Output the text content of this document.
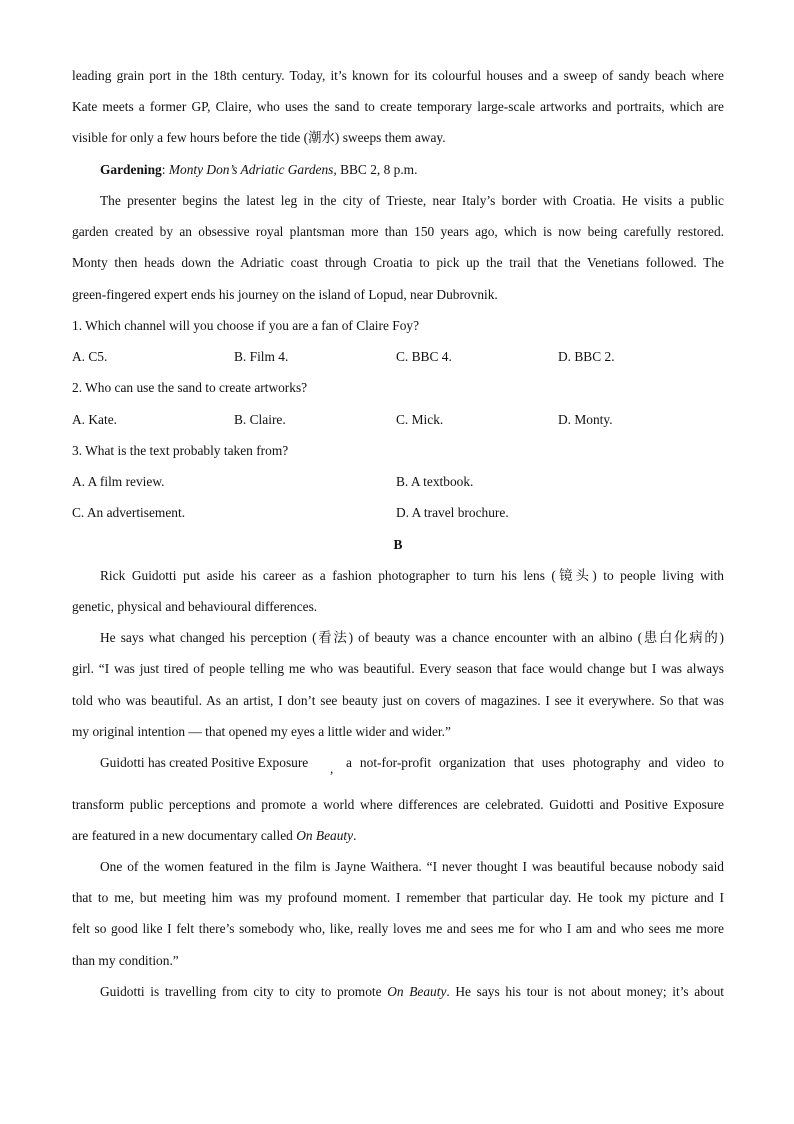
leading grain port in the 18th century. Today, it’s known for its colourful houses and a sweep of sandy beach where
Kate meets a former GP, Claire, who uses the sand to create temporary large-scale artworks and portraits, which are
visible for only a few hours before the tide (潮水) sweeps them away.
Gardening: Monty Don’s Adriatic Gardens, BBC 2, 8 p.m.
The presenter begins the latest leg in the city of Trieste, near Italy’s border with Croatia. He visits a public
garden created by an obsessive royal plantsman more than 150 years ago, which is now being carefully restored.
Monty then heads down the Adriatic coast through Croatia to pick up the trail that the Venetians followed. The
green-fingered expert ends his journey on the island of Lopud, near Dubrovnik.
1. Which channel will you choose if you are a fan of Claire Foy?
A. C5.	B. Film 4.	C. BBC 4.	D. BBC 2.
2. Who can use the sand to create artworks?
A. Kate.	B. Claire.	C. Mick.	D. Monty.
3. What is the text probably taken from?
A. A film review.	B. A textbook.
C. An advertisement.	D. A travel brochure.
B
Rick Guidotti put aside his career as a fashion photographer to turn his lens (镜头) to people living with
genetic, physical and behavioural differences.
He says what changed his perception (看法) of beauty was a chance encounter with an albino (患白化病的)
girl. “I was just tired of people telling me who was beautiful. Every season that face would change but I was always
told who was beautiful. As an artist, I don’t see beauty just on covers of magazines. I see it everywhere. So that was
my original intention — that opened my eyes a little wider and wider.”
Guidotti has created Positive Exposure , a not-for-profit organization that uses photography and video to
transform public perceptions and promote a world where differences are celebrated. Guidotti and Positive Exposure
are featured in a new documentary called On Beauty.
One of the women featured in the film is Jayne Waithera. “I never thought I was beautiful because nobody said
that to me, but meeting him was my profound moment. I remember that particular day. He took my picture and I
felt so good like I felt there’s somebody who, like, really loves me and sees me for who I am and who sees me more
than my condition.”
Guidotti is travelling from city to city to promote On Beauty. He says his tour is not about money; it’s about
